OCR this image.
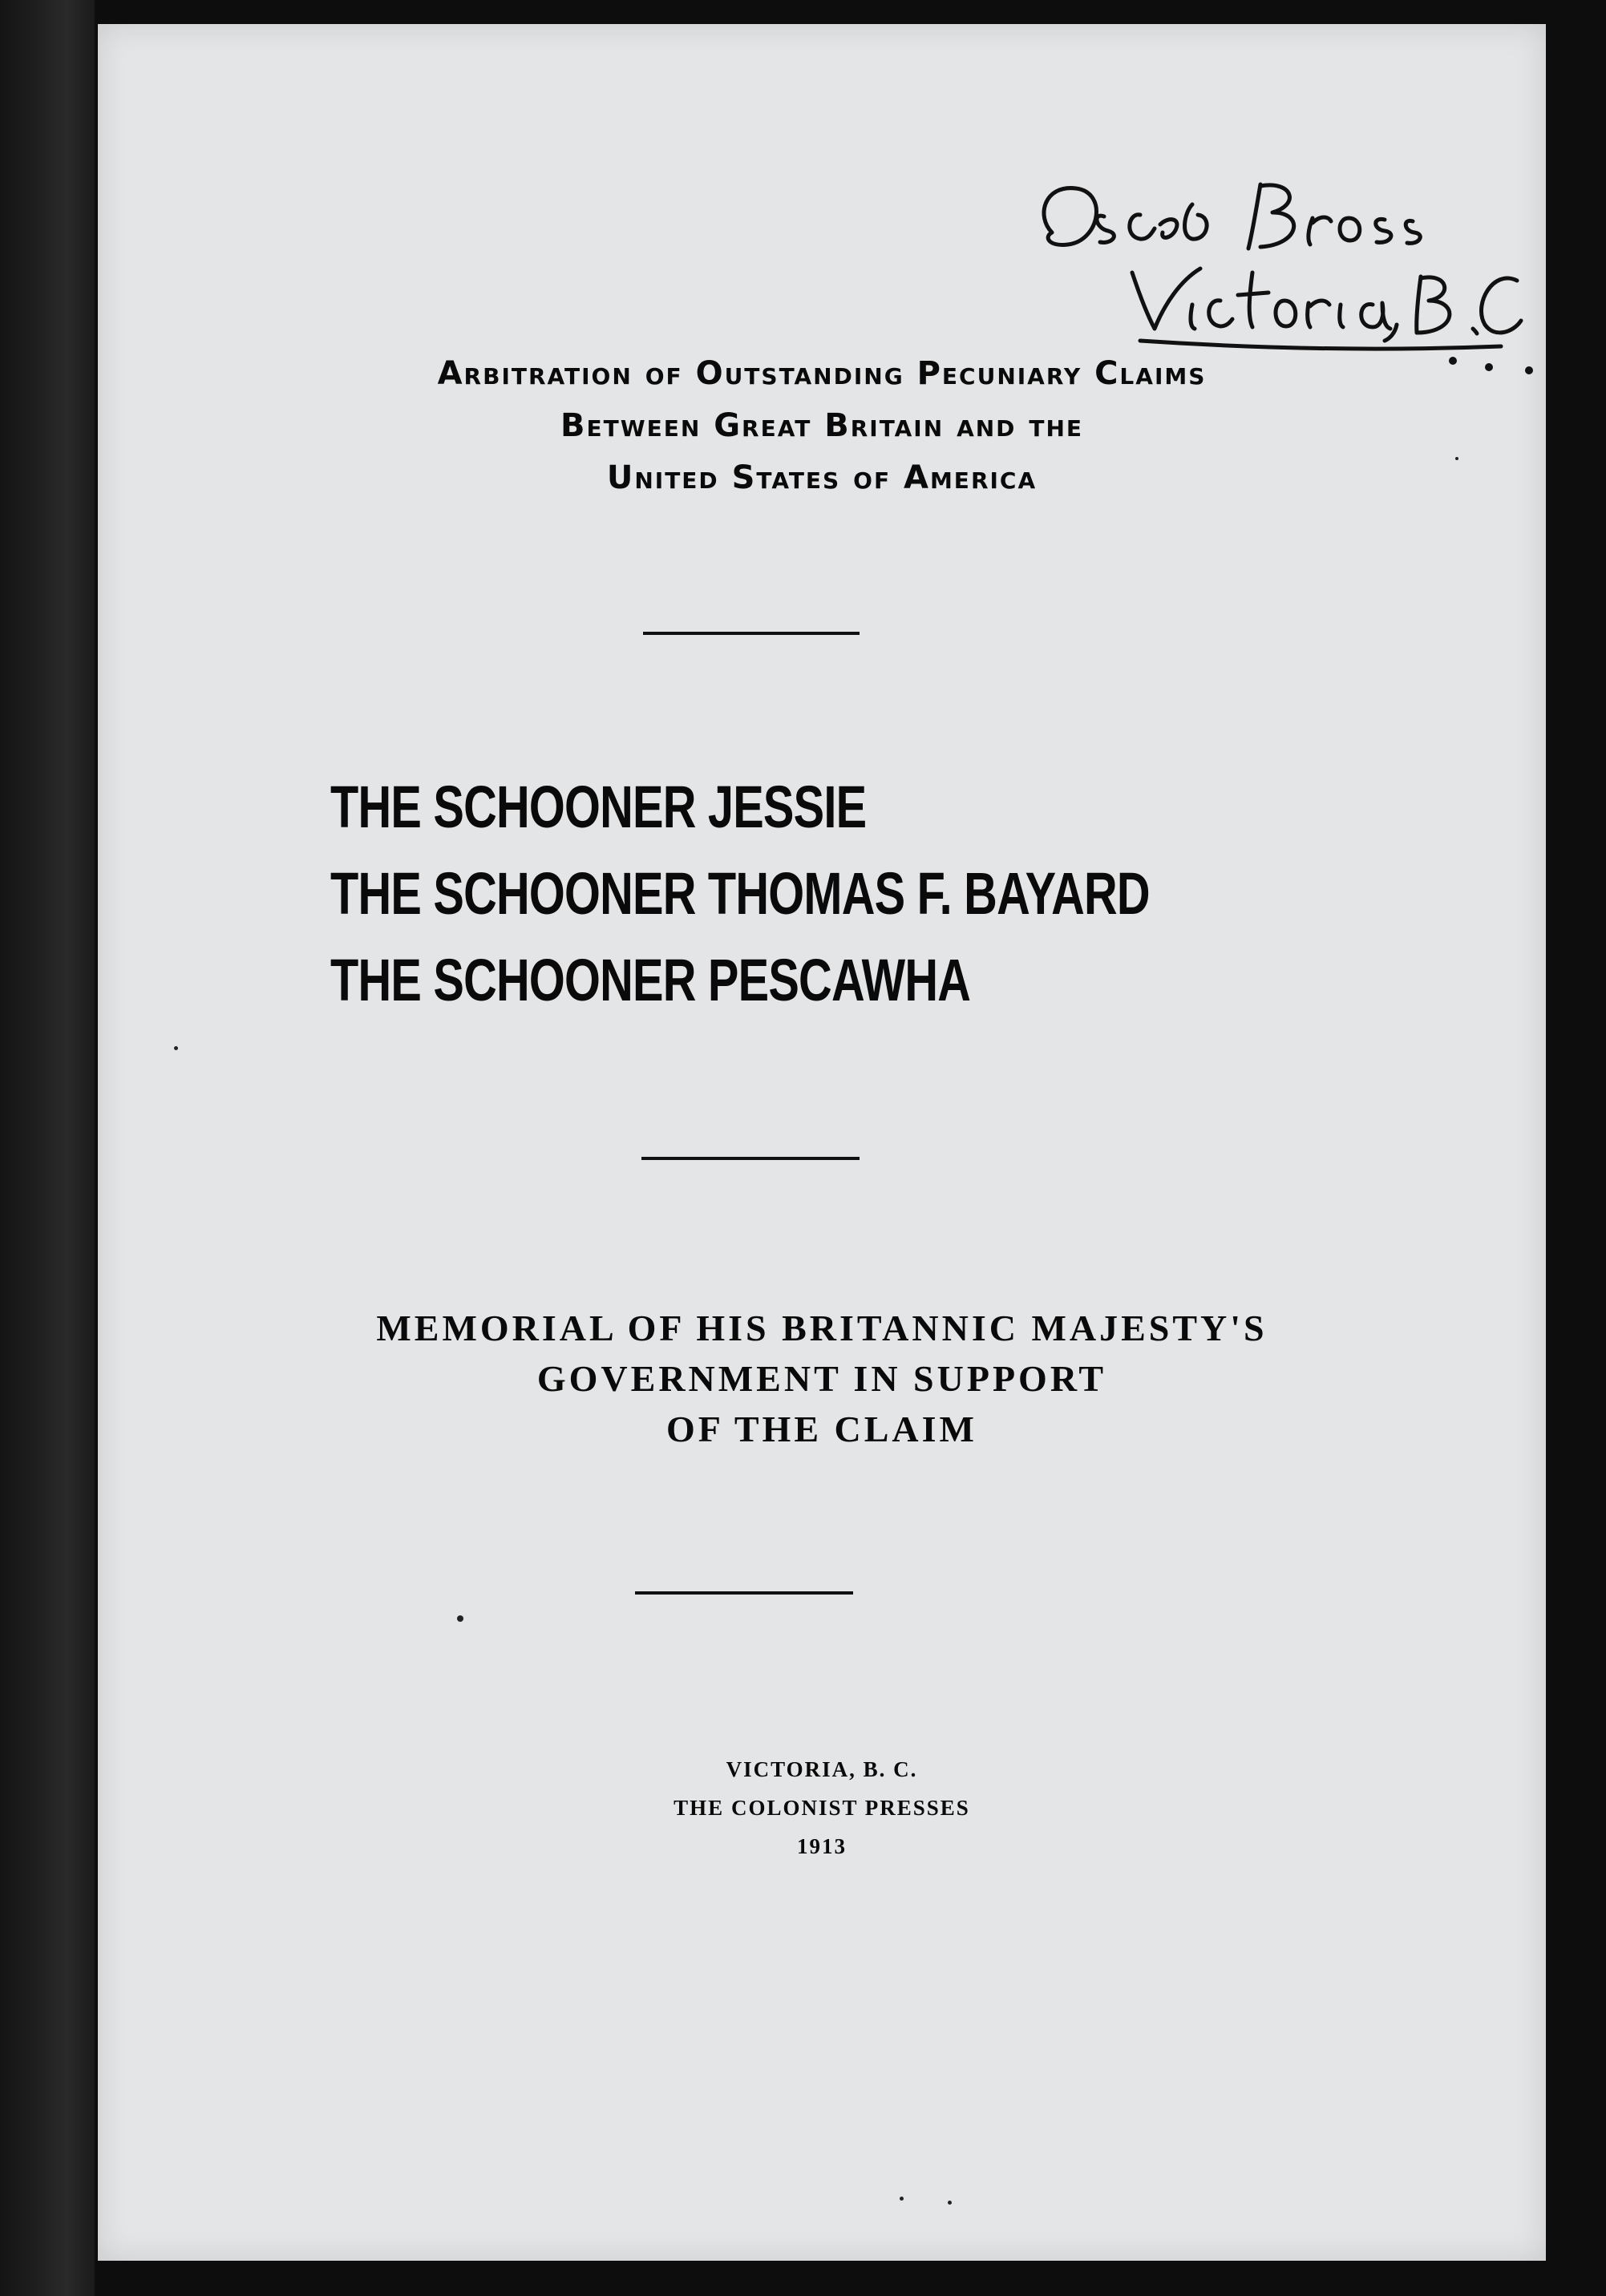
Arbitration of Outstanding Pecuniary Claims
Between Great Britain and the
United States of America
THE SCHOONER JESSIE
THE SCHOONER THOMAS F. BAYARD
THE SCHOONER PESCAWHA
MEMORIAL OF HIS BRITANNIC MAJESTY'S
GOVERNMENT IN SUPPORT
OF THE CLAIM
VICTORIA, B. C.
THE COLONIST PRESSES
1913
